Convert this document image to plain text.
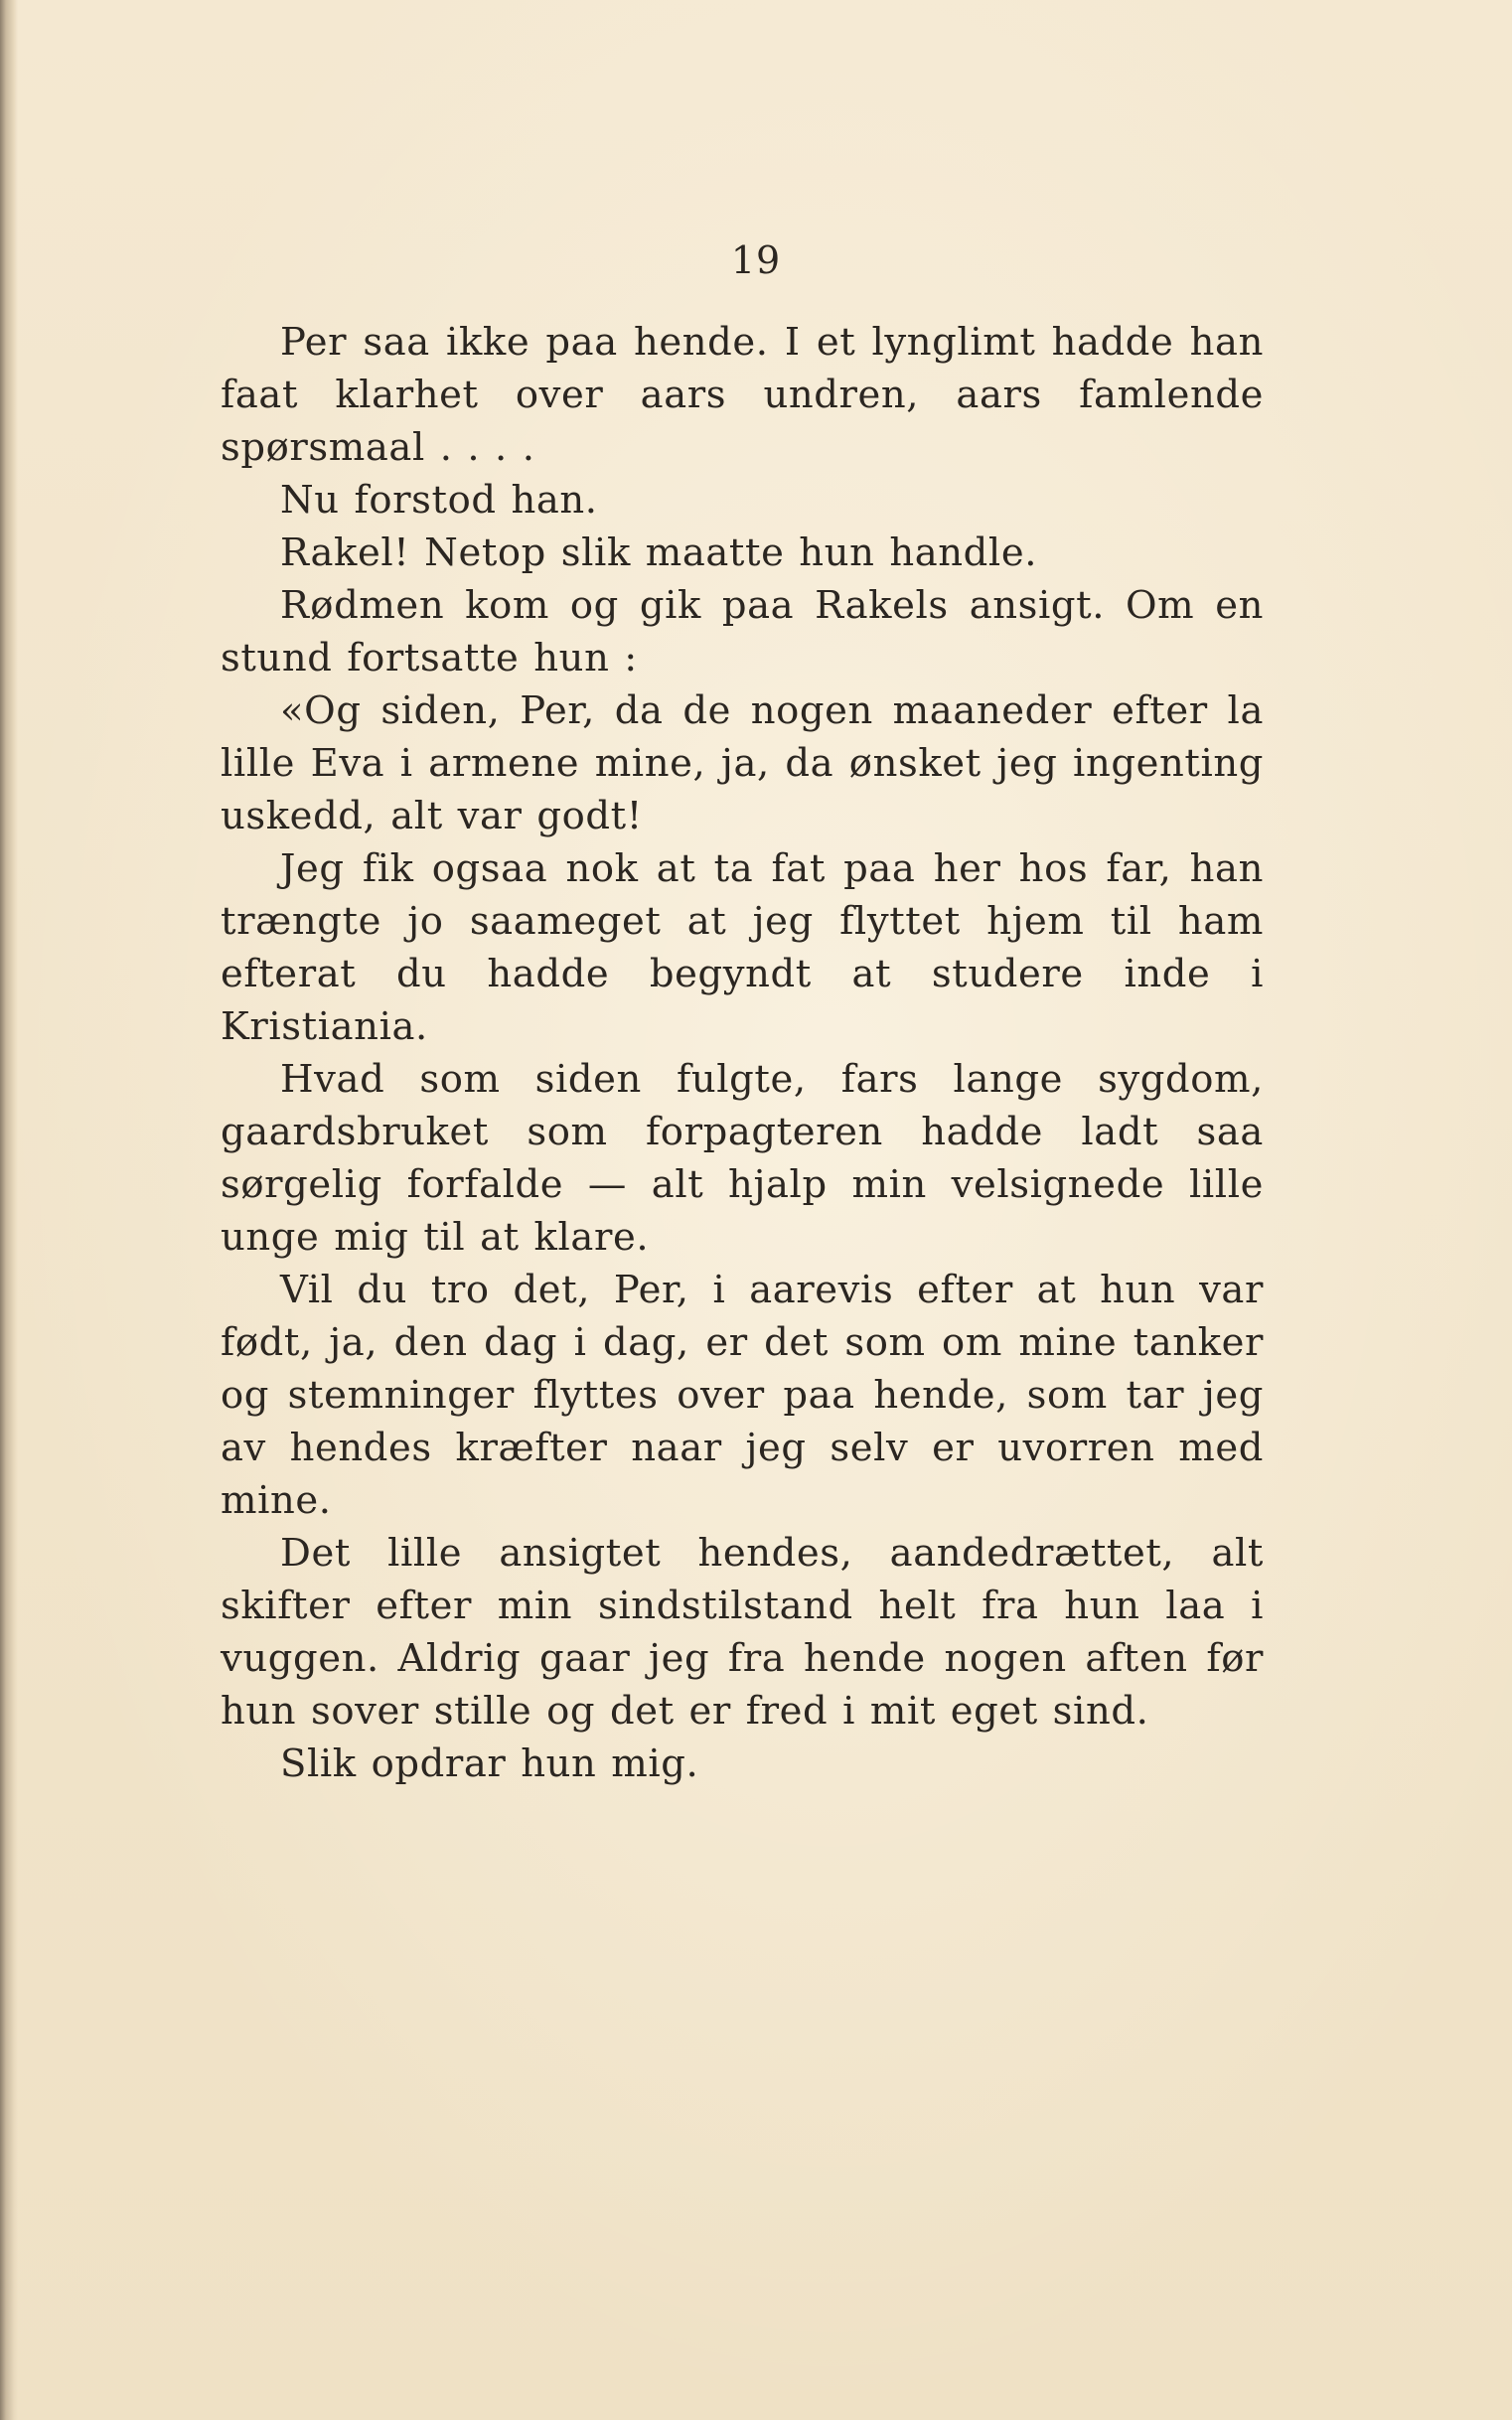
19

Per saa ikke paa hende. I et lynglimt hadde han faat klarhet over aars undren, aars famlende spørsmaal . . . .

Nu forstod han.

Rakel! Netop slik maatte hun handle.

Rødmen kom og gik paa Rakels ansigt. Om en stund fortsatte hun :

«Og siden, Per, da de nogen maaneder efter la lille Eva i armene mine, ja, da ønsket jeg ingenting uskedd, alt var godt!

Jeg fik ogsaa nok at ta fat paa her hos far, han trængte jo saameget at jeg flyttet hjem til ham efterat du hadde begyndt at studere inde i Kristiania.

Hvad som siden fulgte, fars lange sygdom, gaardsbruket som forpagteren hadde ladt saa sørgelig forfalde — alt hjalp min velsignede lille unge mig til at klare.

Vil du tro det, Per, i aarevis efter at hun var født, ja, den dag i dag, er det som om mine tanker og stemninger flyttes over paa hende, som tar jeg av hendes kræfter naar jeg selv er uvorren med mine.

Det lille ansigtet hendes, aandedrættet, alt skifter efter min sindstilstand helt fra hun laa i vuggen. Aldrig gaar jeg fra hende nogen aften før hun sover stille og det er fred i mit eget sind.

Slik opdrar hun mig.
